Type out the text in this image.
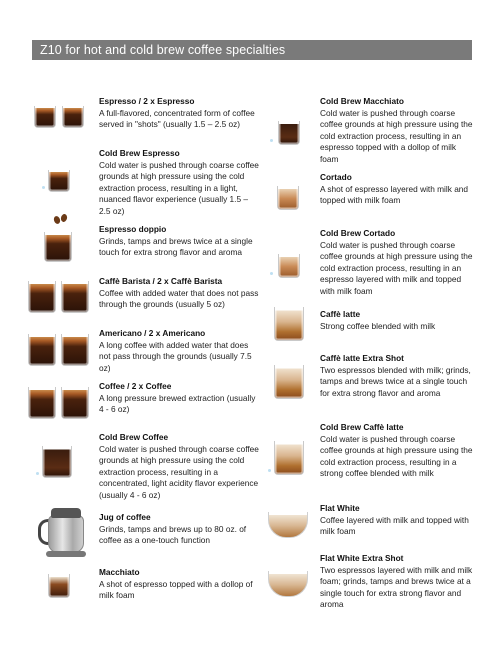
Z10 for hot and cold brew coffee specialties
Espresso / 2 x Espresso
A full-flavored, concentrated form of coffee served in "shots" (usually 1.5 – 2.5 oz)
Cold Brew Espresso
Cold water is pushed through coarse coffee grounds at high pressure using the cold extraction process, resulting in a light, nuanced flavor experience (usually 1.5 – 2.5 oz)
Espresso doppio
Grinds, tamps and brews twice at a single touch for extra strong flavor and aroma
Caffè Barista / 2 x Caffè Barista
Coffee with added water that does not pass through the grounds (usually 5 oz)
Americano / 2 x Americano
A long coffee with added water that does not pass through the grounds (usually 7.5 oz)
Coffee / 2 x Coffee
A long pressure brewed extraction (usually 4 - 6 oz)
Cold Brew Coffee
Cold water is pushed through coarse coffee grounds at high pressure using the cold extraction process, resulting in a concentrated, light acidity flavor experience (usually 4 - 6 oz)
Jug of coffee
Grinds, tamps and brews up to 80 oz. of coffee as a one-touch function
Macchiato
A shot of espresso topped with a dollop of milk foam
Cold Brew Macchiato
Cold water is pushed through coarse coffee grounds at high pressure using the cold extraction process, resulting in an espresso topped with a dollop of milk foam
Cortado
A shot of espresso layered with milk and topped with milk foam
Cold Brew Cortado
Cold water is pushed through coarse coffee grounds at high pressure using the cold extraction process, resulting in an espresso layered with milk and topped with milk foam
Caffè latte
Strong coffee blended with milk
Caffè latte Extra Shot
Two espressos blended with milk; grinds, tamps and brews twice at a single touch for extra strong flavor and aroma
Cold Brew Caffè latte
Cold water is pushed through coarse coffee grounds at high pressure using the cold extraction process, resulting in a strong coffee blended with milk
Flat White
Coffee layered with milk and topped with milk foam
Flat White Extra Shot
Two espressos layered with milk and milk foam; grinds, tamps and brews twice at a single touch for extra strong flavor and aroma
